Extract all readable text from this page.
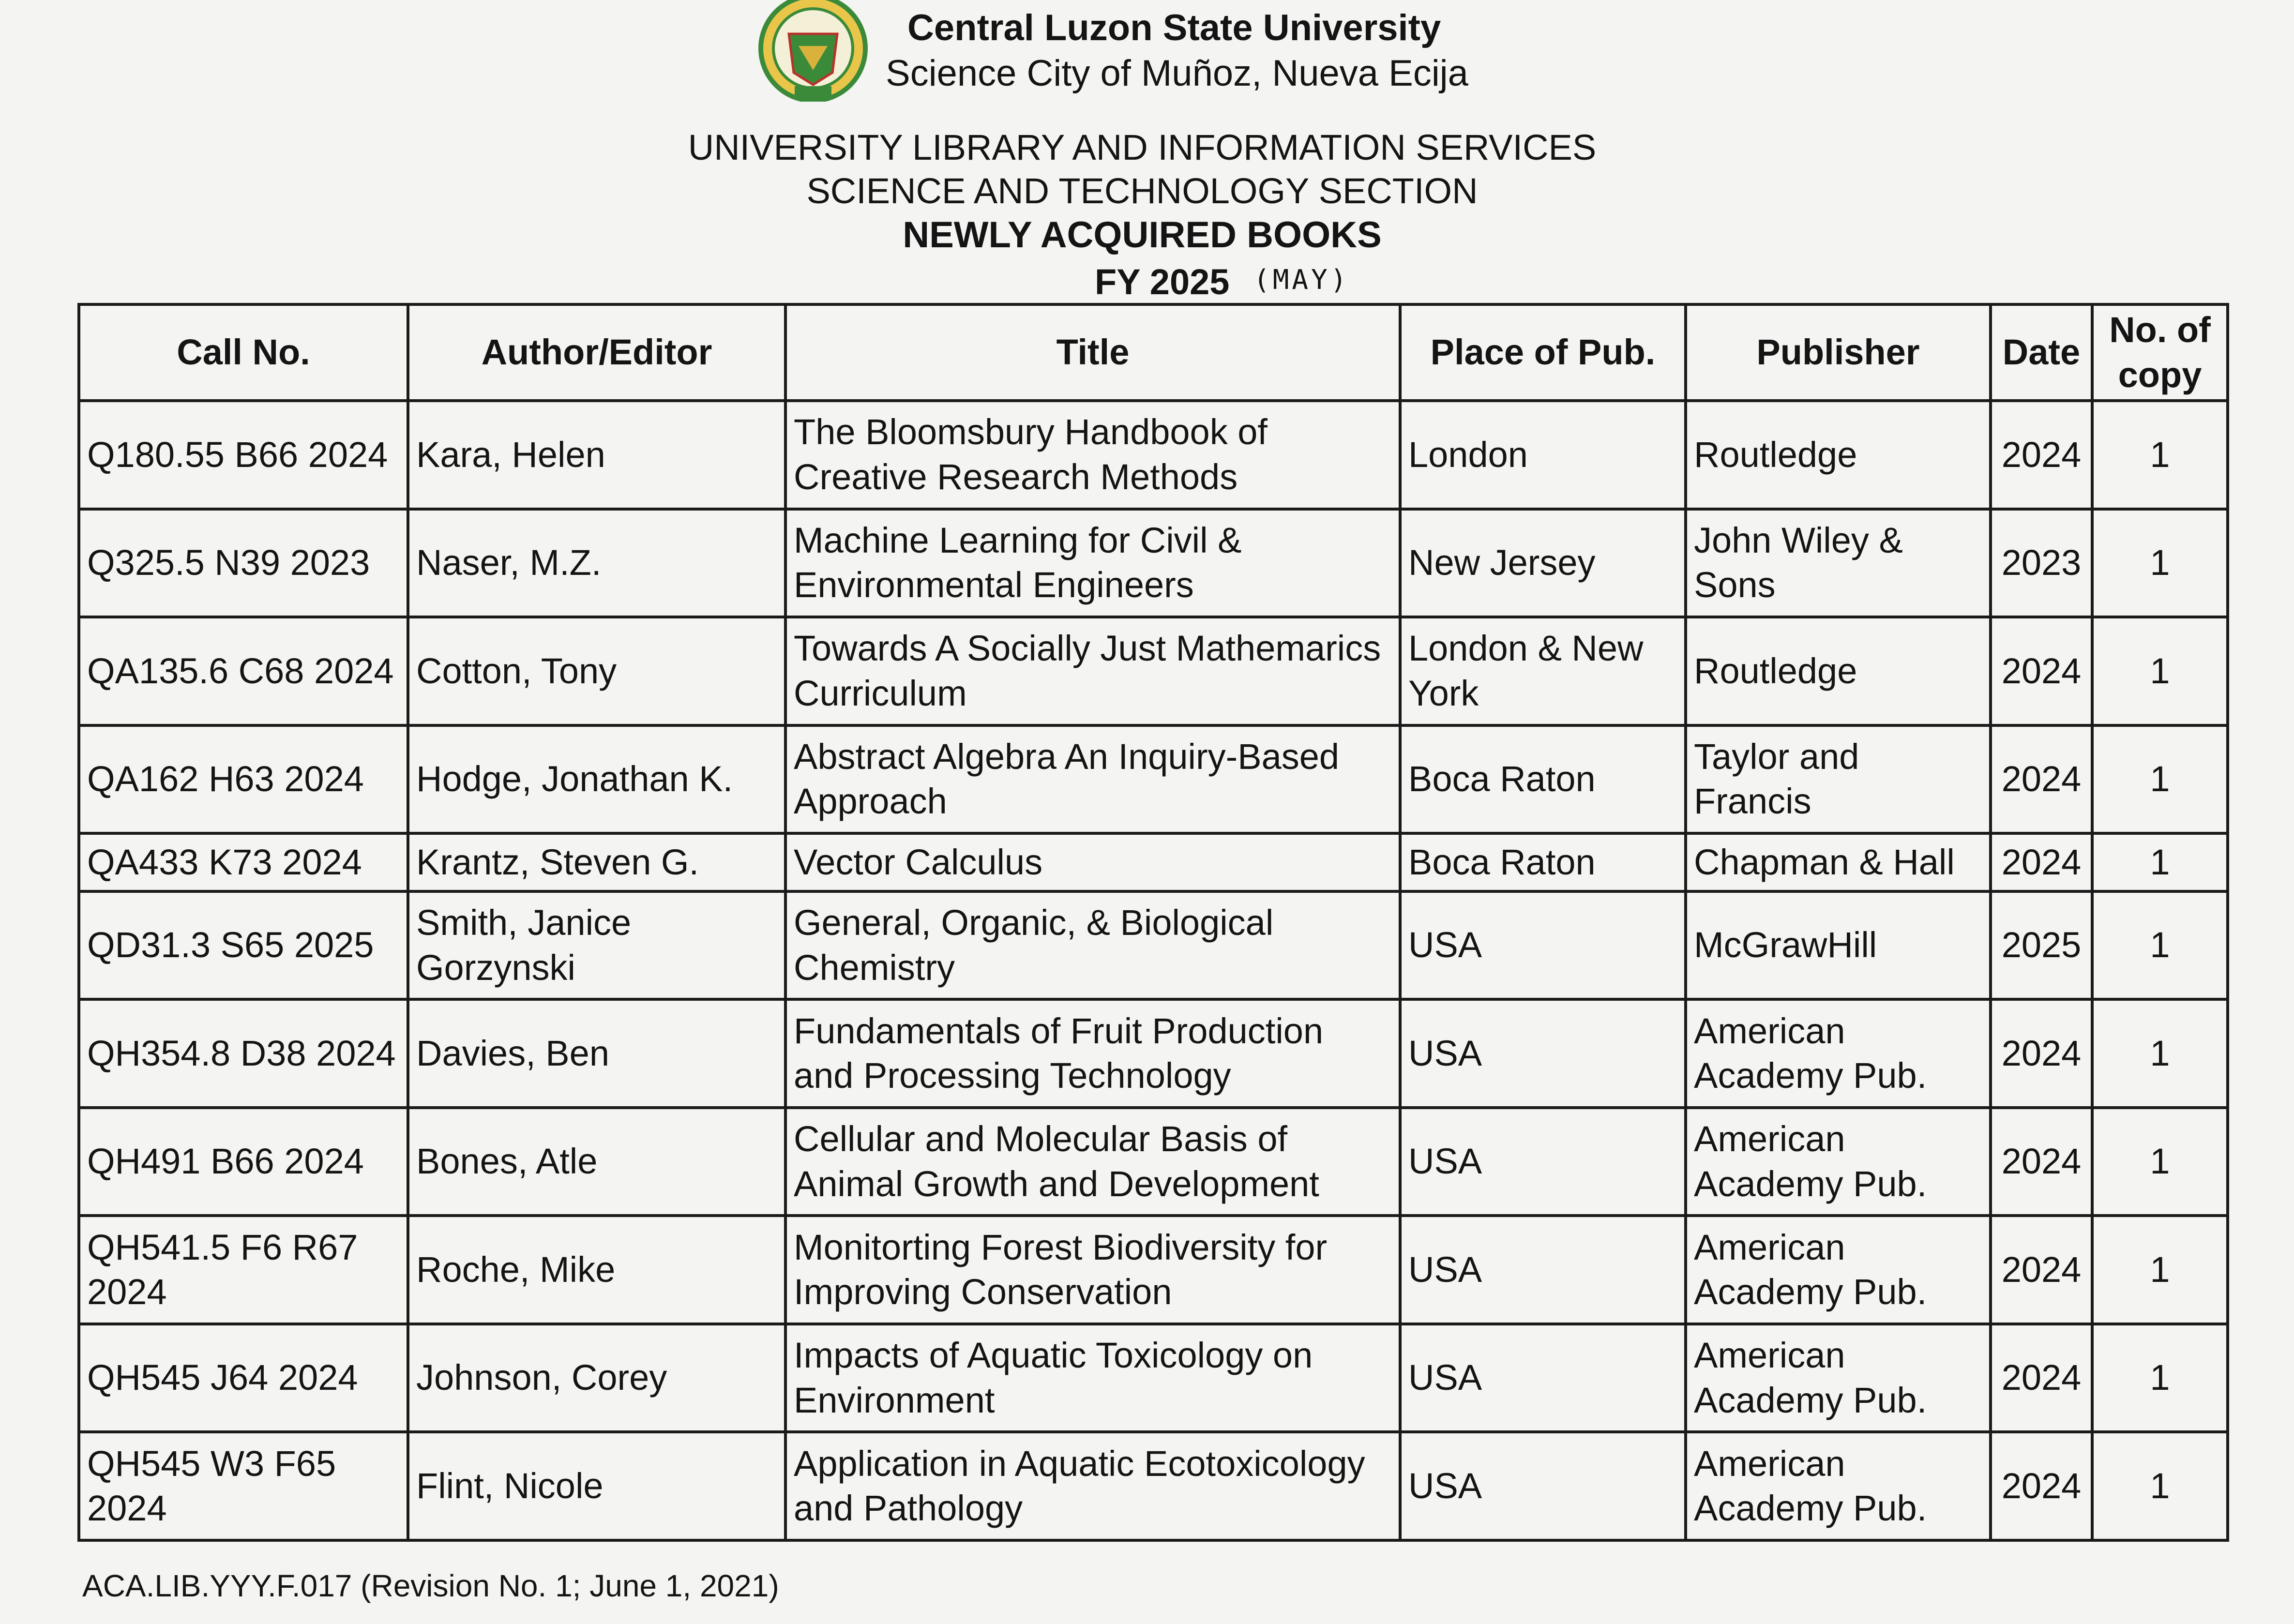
Central Luzon State University
Science City of Muñoz, Nueva Ecija
UNIVERSITY LIBRARY AND INFORMATION SERVICES
SCIENCE AND TECHNOLOGY SECTION
NEWLY ACQUIRED BOOKS
FY 2025 (MAY)
Call No.	Author/Editor	Title	Place of Pub.	Publisher	Date	No. of copy
Q180.55 B66 2024	Kara, Helen	The Bloomsbury Handbook of Creative Research Methods	London	Routledge	2024	1
Q325.5 N39 2023	Naser, M.Z.	Machine Learning for Civil & Environmental Engineers	New Jersey	John Wiley & Sons	2023	1
QA135.6 C68 2024	Cotton, Tony	Towards A Socially Just Mathemarics Curriculum	London & New York	Routledge	2024	1
QA162 H63 2024	Hodge, Jonathan K.	Abstract Algebra An Inquiry-Based Approach	Boca Raton	Taylor and Francis	2024	1
QA433 K73 2024	Krantz, Steven G.	Vector Calculus	Boca Raton	Chapman & Hall	2024	1
QD31.3 S65 2025	Smith, Janice Gorzynski	General, Organic, & Biological Chemistry	USA	McGrawHill	2025	1
QH354.8 D38 2024	Davies, Ben	Fundamentals of Fruit Production and Processing Technology	USA	American Academy Pub.	2024	1
QH491 B66 2024	Bones, Atle	Cellular and Molecular Basis of Animal Growth and Development	USA	American Academy Pub.	2024	1
QH541.5 F6 R67 2024	Roche, Mike	Monitorting Forest Biodiversity for Improving Conservation	USA	American Academy Pub.	2024	1
QH545 J64 2024	Johnson, Corey	Impacts of Aquatic Toxicology on Environment	USA	American Academy Pub.	2024	1
QH545 W3 F65 2024	Flint, Nicole	Application in Aquatic Ecotoxicology and Pathology	USA	American Academy Pub.	2024	1
ACA.LIB.YYY.F.017 (Revision No. 1; June 1, 2021)
